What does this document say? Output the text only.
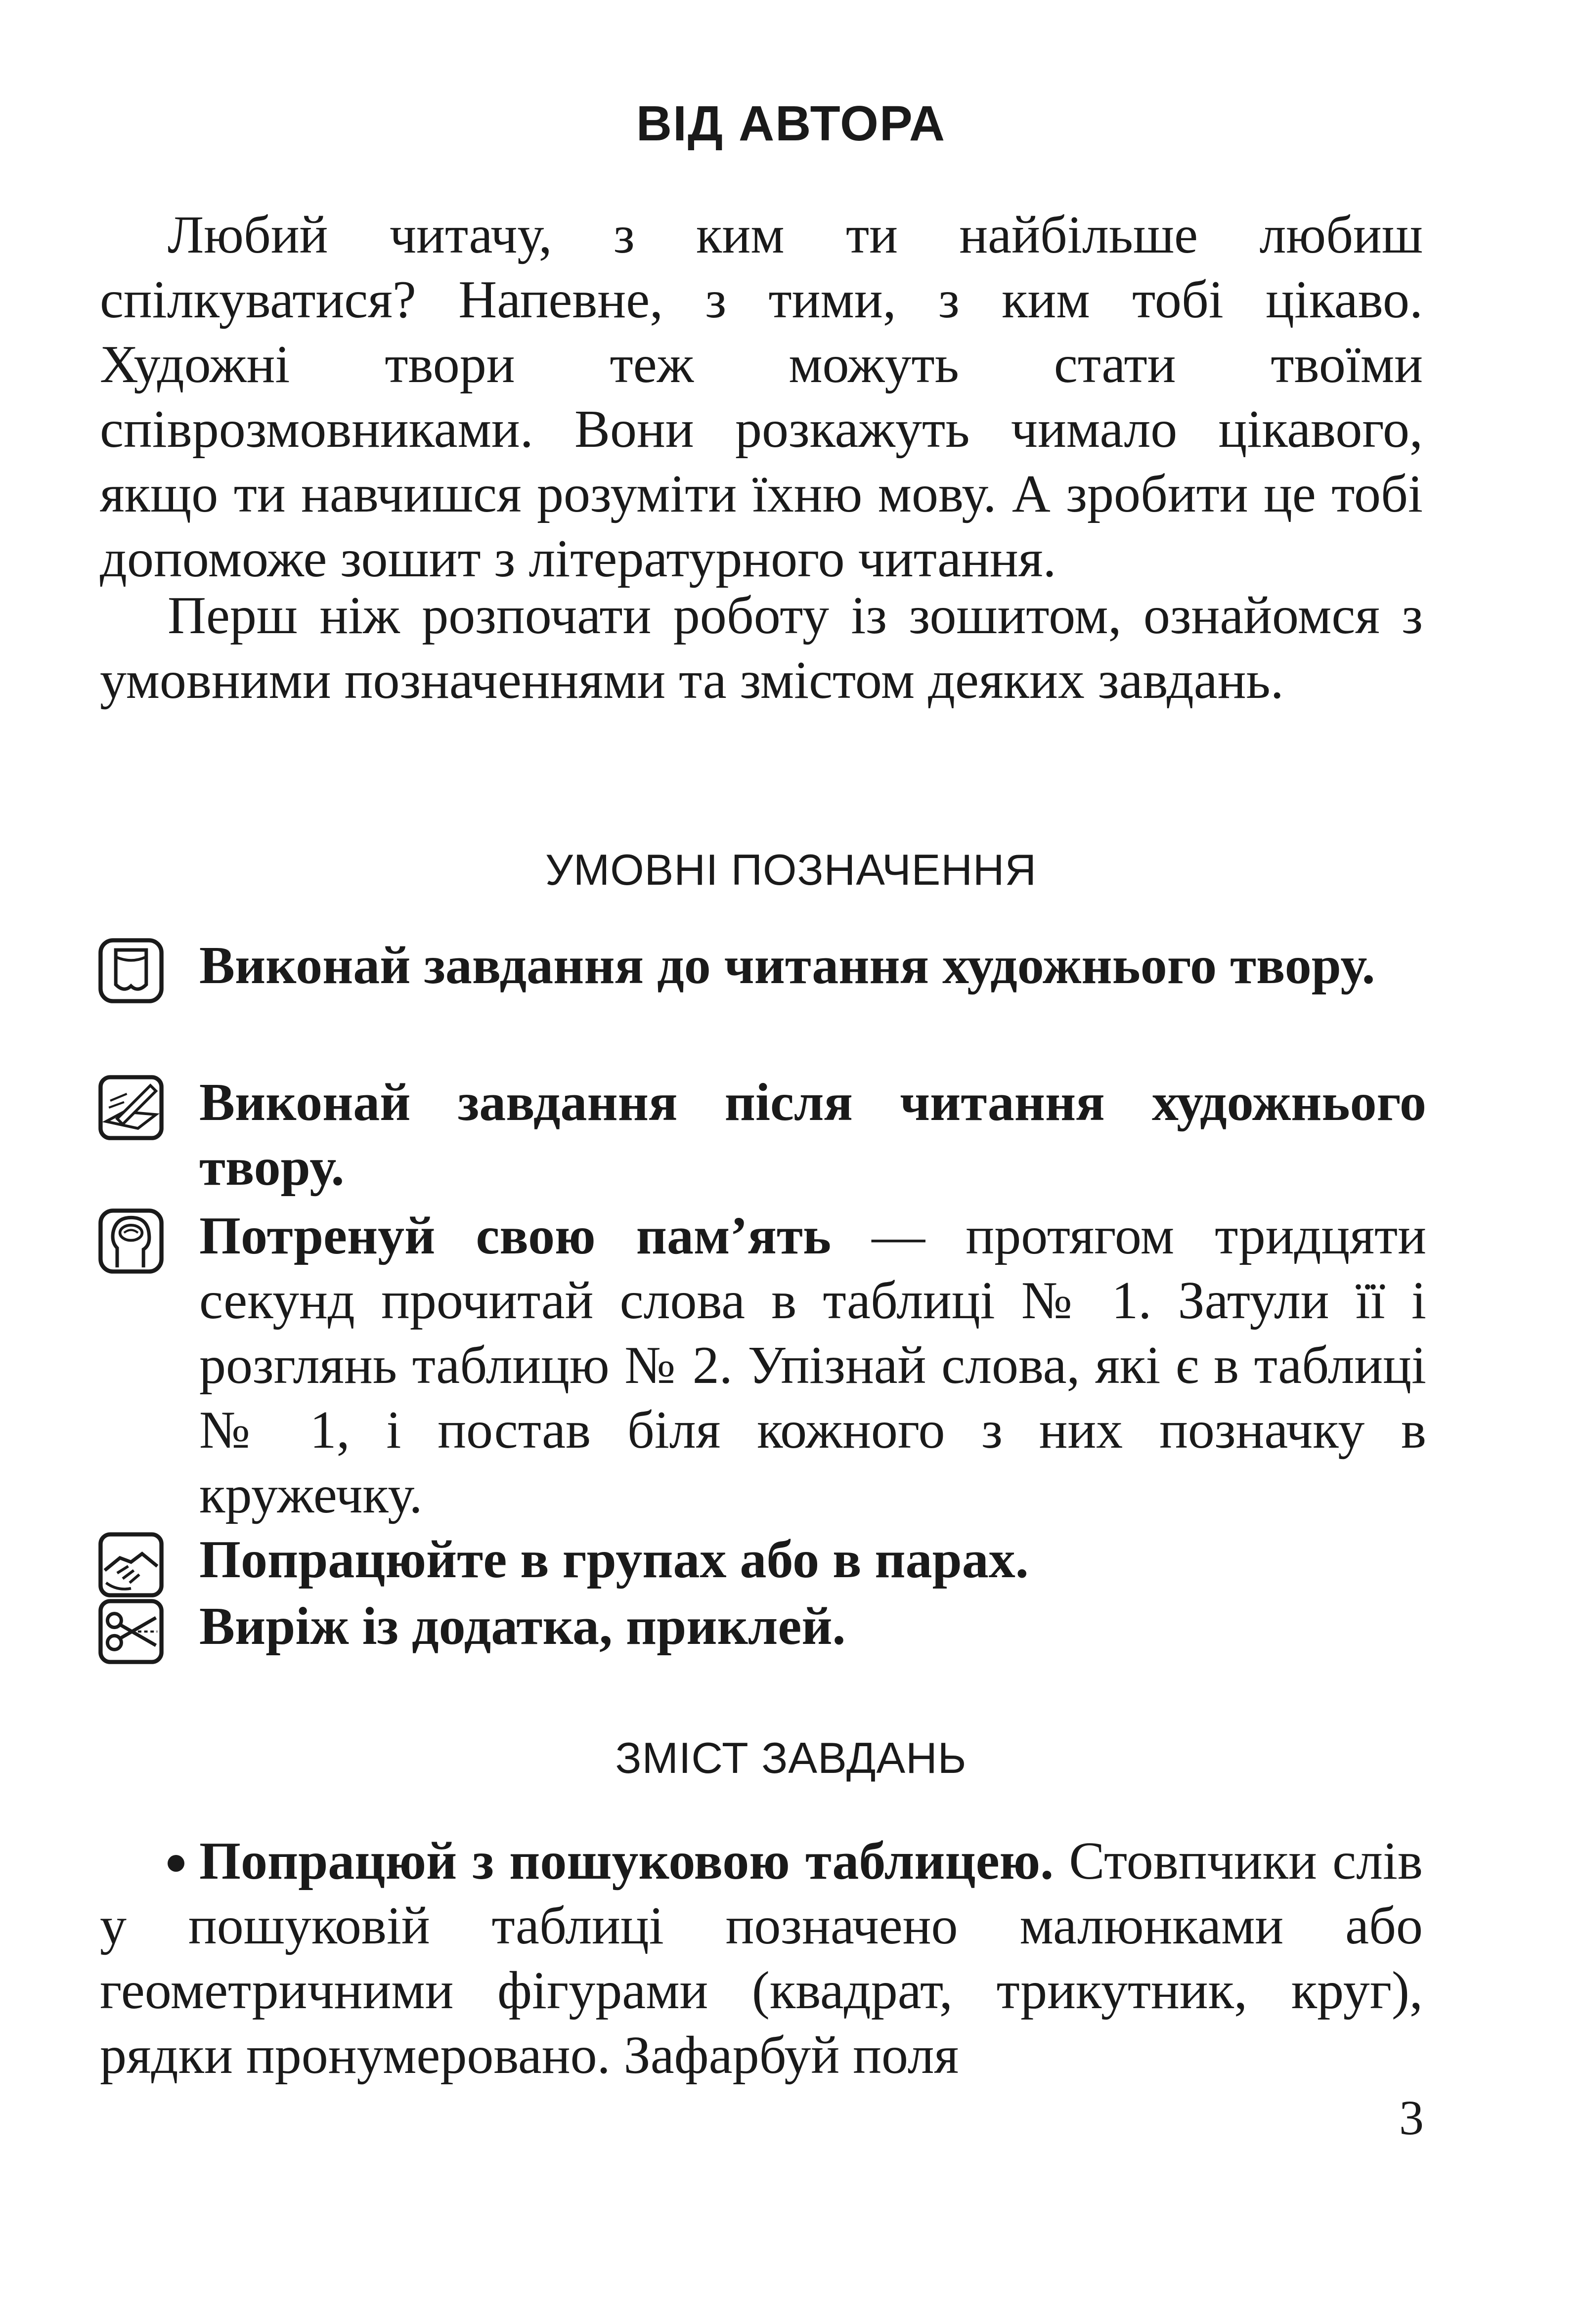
ВІД АВТОРА

Любий читачу, з ким ти найбільше любиш спілкуватися? Напевне, з тими, з ким тобі цікаво. Художні твори теж можуть стати твоїми співрозмовниками. Вони розкажуть чимало цікавого, якщо ти навчишся розуміти їхню мову. А зробити це тобі допоможе зошит з літературного читання.

Перш ніж розпочати роботу із зошитом, ознайомся з умовними позначеннями та змістом деяких завдань.

УМОВНІ ПОЗНАЧЕННЯ
Виконай завдання до читання художнього твору.
Виконай завдання після читання художнього твору.
Потренуй свою пам’ять — протягом тридцяти секунд прочитай слова в таблиці № 1. Затули її і розглянь таблицю № 2. Упізнай слова, які є в таблиці № 1, і постав біля кожного з них позначку в кружечку.
Попрацюйте в групах або в парах.
Виріж із додатка, приклей.
ЗМІСТ ЗАВДАНЬ

Попрацюй з пошуковою таблицею. Стовпчики слів у пошуковій таблиці позначено малюнками або геометричними фігурами (квадрат, трикутник, круг), рядки пронумеровано. Зафарбуй поля

3
